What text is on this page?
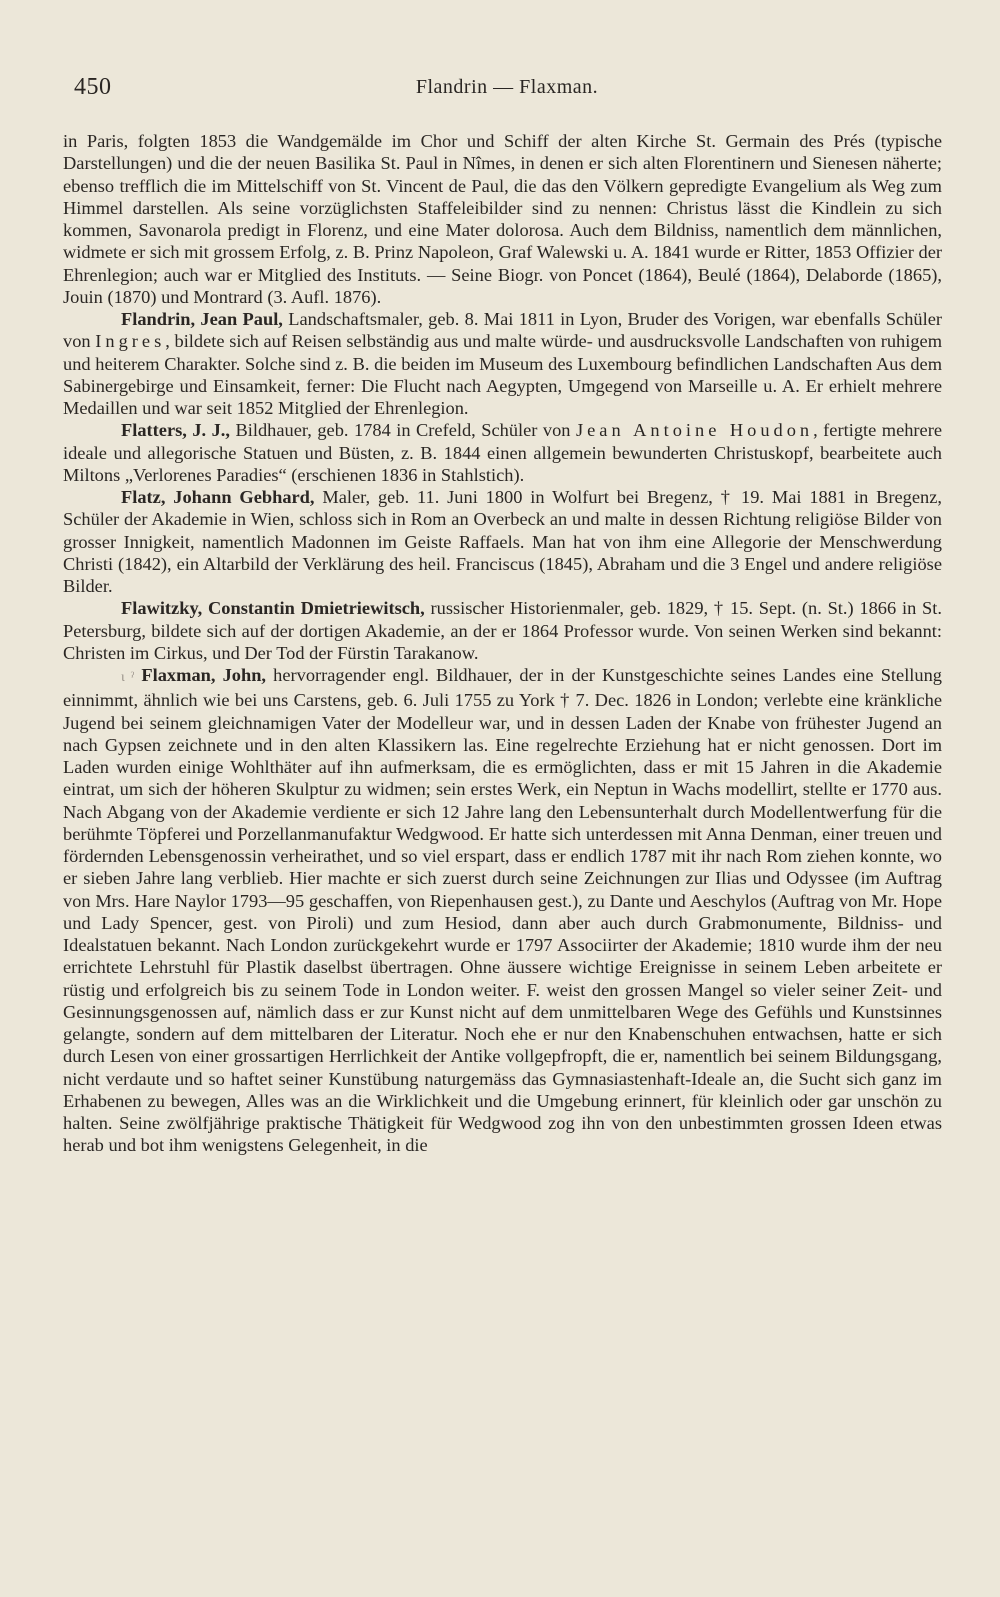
450	Flandrin — Flaxman.

in Paris, folgten 1853 die Wandgemälde im Chor und Schiff der alten Kirche St. Germain des Prés (typische Darstellungen) und die der neuen Basilika St. Paul in Nîmes, in denen er sich alten Florentinern und Sienesen näherte; ebenso trefflich die im Mittelschiff von St. Vincent de Paul, die das den Völkern gepredigte Evangelium als Weg zum Himmel darstellen. Als seine vorzüglichsten Staffeleibilder sind zu nennen: Christus lässt die Kindlein zu sich kommen, Savonarola predigt in Florenz, und eine Mater dolorosa. Auch dem Bildniss, namentlich dem männlichen, widmete er sich mit grossem Erfolg, z. B. Prinz Napoleon, Graf Walewski u. A. 1841 wurde er Ritter, 1853 Offizier der Ehrenlegion; auch war er Mitglied des Instituts. — Seine Biogr. von Poncet (1864), Beulé (1864), Delaborde (1865), Jouin (1870) und Montrard (3. Aufl. 1876).

Flandrin, Jean Paul, Landschaftsmaler, geb. 8. Mai 1811 in Lyon, Bruder des Vorigen, war ebenfalls Schüler von Ingres, bildete sich auf Reisen selbständig aus und malte würde- und ausdrucksvolle Landschaften von ruhigem und heiterem Charakter. Solche sind z. B. die beiden im Museum des Luxembourg befindlichen Landschaften Aus dem Sabinergebirge und Einsamkeit, ferner: Die Flucht nach Aegypten, Umgegend von Marseille u. A. Er erhielt mehrere Medaillen und war seit 1852 Mitglied der Ehrenlegion.

Flatters, J. J., Bildhauer, geb. 1784 in Crefeld, Schüler von Jean Antoine Houdon, fertigte mehrere ideale und allegorische Statuen und Büsten, z. B. 1844 einen allgemein bewunderten Christuskopf, bearbeitete auch Miltons „Verlorenes Paradies“ (erschienen 1836 in Stahlstich).

Flatz, Johann Gebhard, Maler, geb. 11. Juni 1800 in Wolfurt bei Bregenz, † 19. Mai 1881 in Bregenz, Schüler der Akademie in Wien, schloss sich in Rom an Overbeck an und malte in dessen Richtung religiöse Bilder von grosser Innigkeit, namentlich Madonnen im Geiste Raffaels. Man hat von ihm eine Allegorie der Menschwerdung Christi (1842), ein Altarbild der Verklärung des heil. Franciscus (1845), Abraham und die 3 Engel und andere religiöse Bilder.

Flawitzky, Constantin Dmietriewitsch, russischer Historienmaler, geb. 1829, † 15. Sept. (n. St.) 1866 in St. Petersburg, bildete sich auf der dortigen Akademie, an der er 1864 Professor wurde. Von seinen Werken sind bekannt: Christen im Cirkus, und Der Tod der Fürstin Tarakanow.

ɩ ˀ Flaxman, John, hervorragender engl. Bildhauer, der in der Kunstgeschichte seines Landes eine Stellung einnimmt, ähnlich wie bei uns Carstens, geb. 6. Juli 1755 zu York † 7. Dec. 1826 in London; verlebte eine kränkliche Jugend bei seinem gleichnamigen Vater der Modelleur war, und in dessen Laden der Knabe von frühester Jugend an nach Gypsen zeichnete und in den alten Klassikern las. Eine regelrechte Erziehung hat er nicht genossen. Dort im Laden wurden einige Wohlthäter auf ihn aufmerksam, die es ermöglichten, dass er mit 15 Jahren in die Akademie eintrat, um sich der höheren Skulptur zu widmen; sein erstes Werk, ein Neptun in Wachs modellirt, stellte er 1770 aus. Nach Abgang von der Akademie verdiente er sich 12 Jahre lang den Lebensunterhalt durch Modellentwerfung für die berühmte Töpferei und Porzellanmanufaktur Wedgwood. Er hatte sich unterdessen mit Anna Denman, einer treuen und fördernden Lebensgenossin verheirathet, und so viel erspart, dass er endlich 1787 mit ihr nach Rom ziehen konnte, wo er sieben Jahre lang verblieb. Hier machte er sich zuerst durch seine Zeichnungen zur Ilias und Odyssee (im Auftrag von Mrs. Hare Naylor 1793—95 geschaffen, von Riepenhausen gest.), zu Dante und Aeschylos (Auftrag von Mr. Hope und Lady Spencer, gest. von Piroli) und zum Hesiod, dann aber auch durch Grabmonumente, Bildniss- und Idealstatuen bekannt. Nach London zurückgekehrt wurde er 1797 Associirter der Akademie; 1810 wurde ihm der neu errichtete Lehrstuhl für Plastik daselbst übertragen. Ohne äussere wichtige Ereignisse in seinem Leben arbeitete er rüstig und erfolgreich bis zu seinem Tode in London weiter. F. weist den grossen Mangel so vieler seiner Zeit- und Gesinnungsgenossen auf, nämlich dass er zur Kunst nicht auf dem unmittelbaren Wege des Gefühls und Kunstsinnes gelangte, sondern auf dem mittelbaren der Literatur. Noch ehe er nur den Knabenschuhen entwachsen, hatte er sich durch Lesen von einer grossartigen Herrlichkeit der Antike vollgepfropft, die er, namentlich bei seinem Bildungsgang, nicht verdaute und so haftet seiner Kunstübung naturgemäss das Gymnasiastenhaft-Ideale an, die Sucht sich ganz im Erhabenen zu bewegen, Alles was an die Wirklichkeit und die Umgebung erinnert, für kleinlich oder gar unschön zu halten. Seine zwölfjährige praktische Thätigkeit für Wedgwood zog ihn von den unbestimmten grossen Ideen etwas herab und bot ihm wenigstens Gelegenheit, in die
